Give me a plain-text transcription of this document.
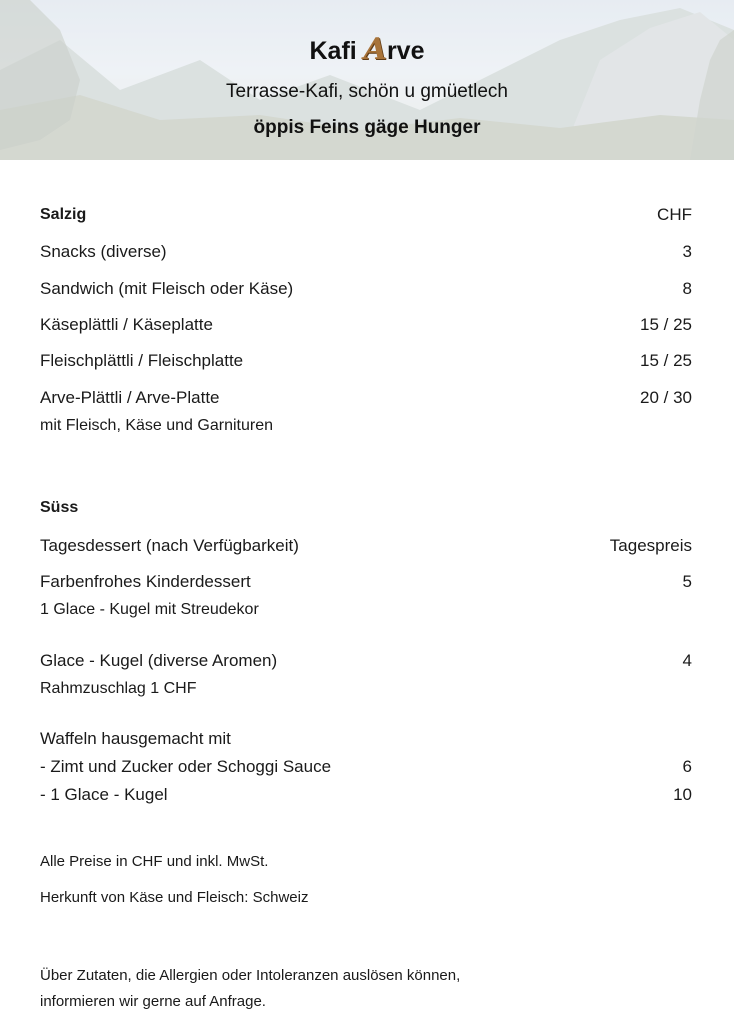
Kafi Arve
Terrasse-Kafi, schön u gmüetlech
öppis Feins gäge Hunger
Salzig	CHF
Snacks (diverse)	3
Sandwich (mit Fleisch oder Käse)	8
Käseplättli / Käseplatte	15 / 25
Fleischplättli / Fleischplatte	15 / 25
Arve-Plättli / Arve-Platte	20 / 30
mit Fleisch, Käse und Garnituren
Süss
Tagesdessert (nach Verfügbarkeit)	Tagespreis
Farbenfrohes Kinderdessert	5
1 Glace - Kugel mit Streudekor
Glace - Kugel (diverse Aromen)	4
Rahmzuschlag 1 CHF
Waffeln hausgemacht mit
- Zimt und Zucker oder Schoggi Sauce	6
- 1 Glace - Kugel	10
Alle Preise in CHF und inkl. MwSt.
Herkunft von Käse und Fleisch: Schweiz
Über Zutaten, die Allergien oder Intoleranzen auslösen können,
informieren wir gerne auf Anfrage.
